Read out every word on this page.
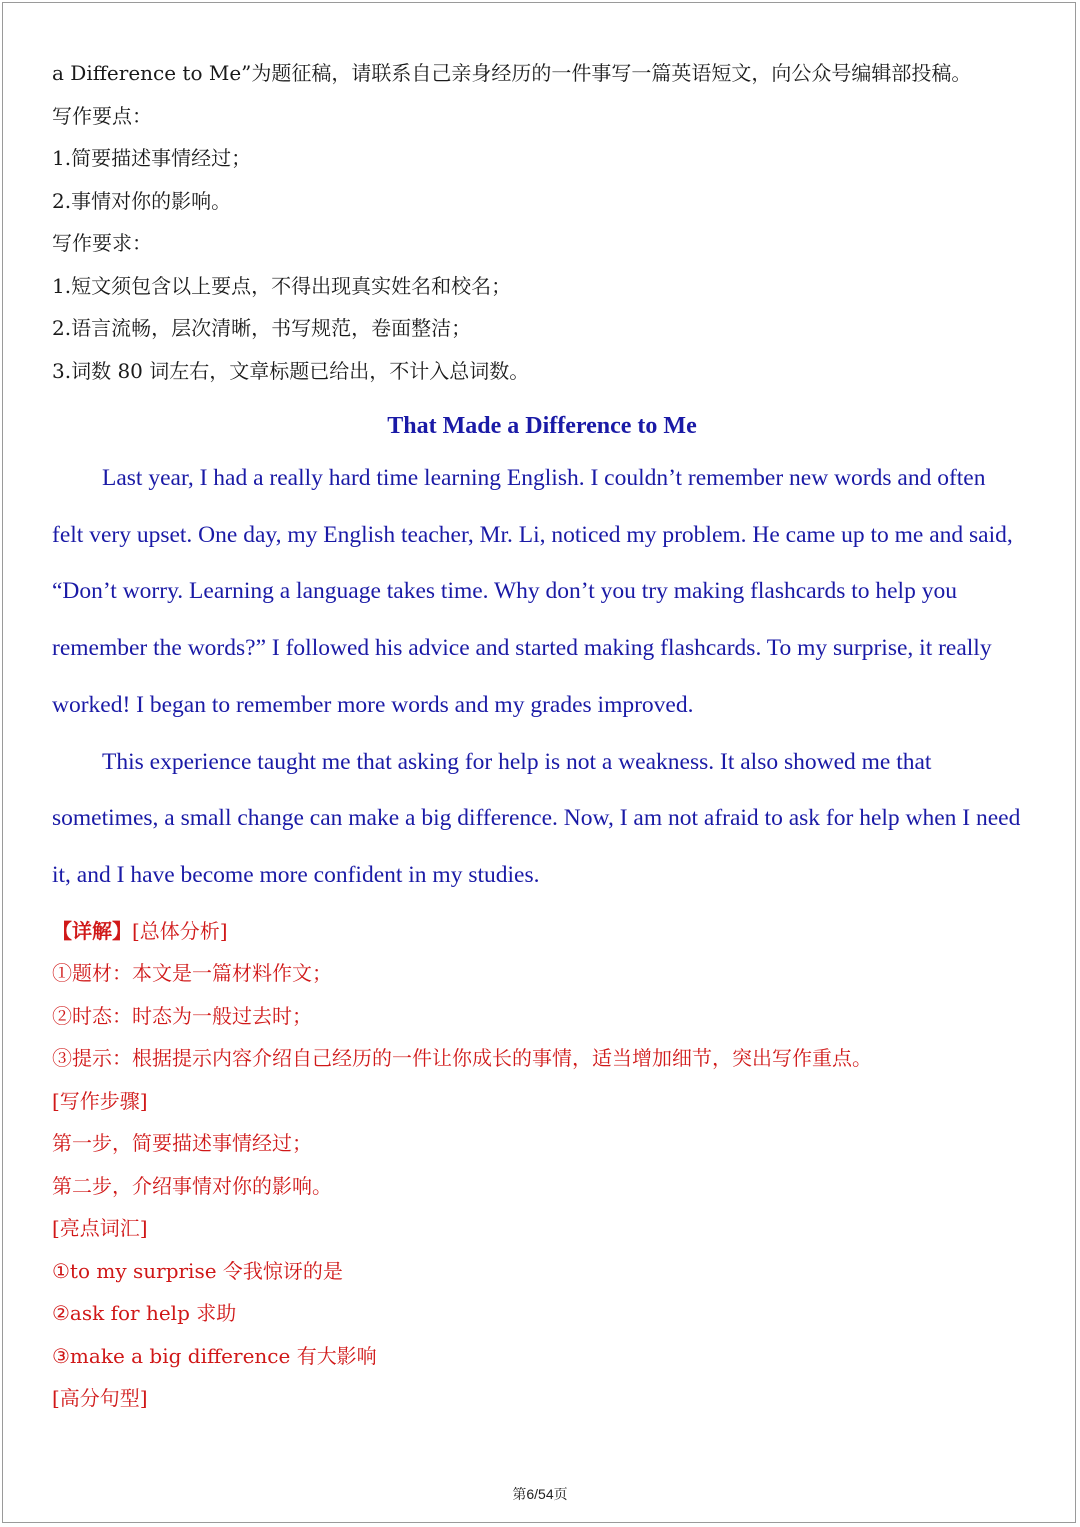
a Difference to Me”为题征稿，请联系自己亲身经历的一件事写一篇英语短文，向公众号编辑部投稿。
写作要点：
1.简要描述事情经过；
2.事情对你的影响。
写作要求：
1.短文须包含以上要点，不得出现真实姓名和校名；
2.语言流畅，层次清晰，书写规范，卷面整洁；
3.词数 80 词左右，文章标题已给出，不计入总词数。
That Made a Difference to Me

Last year, I had a really hard time learning English. I couldn’t remember new words and often felt very upset. One day, my English teacher, Mr. Li, noticed my problem. He came up to me and said, “Don’t worry. Learning a language takes time. Why don’t you try making flashcards to help you remember the words?” I followed his advice and started making flashcards. To my surprise, it really worked! I began to remember more words and my grades improved.

This experience taught me that asking for help is not a weakness. It also showed me that sometimes, a small change can make a big difference. Now, I am not afraid to ask for help when I need it, and I have become more confident in my studies.

【详解】[总体分析]
①题材：本文是一篇材料作文；
②时态：时态为一般过去时；
③提示：根据提示内容介绍自己经历的一件让你成长的事情，适当增加细节，突出写作重点。
[写作步骤]
第一步，简要描述事情经过；
第二步，介绍事情对你的影响。
[亮点词汇]
①to my surprise 令我惊讶的是
②ask for help 求助
③make a big difference 有大影响
[高分句型]
第6/54页
